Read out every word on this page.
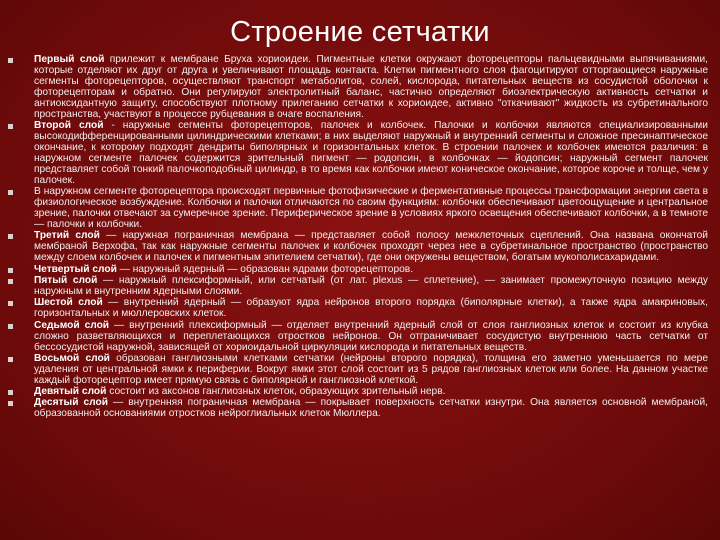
Строение сетчатки
Первый слой прилежит к мембране Бруха хориоидеи. Пигментные клетки окружают фоторецепторы пальцевидными выпячиваниями, которые отделяют их друг от друга и увеличивают площадь контакта. Клетки пигментного слоя фагоцитируют отторгающиеся наружные сегменты фоторецепторов, осуществляют транспорт метаболитов, солей, кислорода, питательных веществ из сосудистой оболочки к фоторецепторам и обратно. Они регулируют электролитный баланс, частично определяют биоэлектрическую активность сетчатки и антиоксидантную защиту, способствуют плотному прилеганию сетчатки к хориоидее, активно "откачивают" жидкость из субретинального пространства, участвуют в процессе рубцевания в очаге воспаления.
Второй слой - наружные сегменты фоторецепторов, палочек и колбочек. Палочки и колбочки являются специализированными высокодифференцированными цилиндрическими клетками; в них выделяют наружный и внутренний сегменты и сложное пресинаптическое окончание, к которому подходят дендриты биполярных и горизонтальных клеток. В строении палочек и колбочек имеются различия: в наружном сегменте палочек содержится зрительный пигмент — родопсин, в колбочках — йодопсин; наружный сегмент палочек представляет собой тонкий палочкоподобный цилиндр, в то время как колбочки имеют коническое окончание, которое короче и толще, чем у палочек.
В наружном сегменте фоторецептора происходят первичные фотофизические и ферментативные процессы трансформации энергии света в физиологическое возбуждение. Колбочки и палочки отличаются по своим функциям: колбочки обеспечивают цветоощущение и центральное зрение, палочки отвечают за сумеречное зрение. Периферическое зрение в условиях яркого освещения обеспечивают колбочки, а в темноте — палочки и колбочки.
Третий слой — наружная пограничная мембрана — представляет собой полосу межклеточных сцеплений. Она названа окончатой мембраной Верхофа, так как наружные сегменты палочек и колбочек проходят через нее в субретинальное пространство (пространство между слоем колбочек и палочек и пигментным эпителием сетчатки), где они окружены веществом, богатым мукополисахаридами.
Четвертый слой — наружный ядерный — образован ядрами фоторецепторов.
Пятый слой — наружный плексиформный, или сетчатый (от лат. plexus — сплетение), — занимает промежуточную позицию между наружным и внутренним ядерными слоями.
Шестой слой — внутренний ядерный — образуют ядра нейронов второго порядка (биполярные клетки), а также ядра амакриновых, горизонтальных и мюллеровских клеток.
Седьмой слой — внутренний плексиформный — отделяет внутренний ядерный слой от слоя ганглиозных клеток и состоит из клубка сложно разветвляющихся и переплетающихся отростков нейронов. Он отграничивает сосудистую внутреннюю часть сетчатки от бессосудистой наружной, зависящей от хориоидальной циркуляции кислорода и питательных веществ.
Восьмой слой образован ганглиозными клетками сетчатки (нейроны второго порядка), толщина его заметно уменьшается по мере удаления от центральной ямки к периферии. Вокруг ямки этот слой состоит из 5 рядов ганглиозных клеток или более. На данном участке каждый фоторецептор имеет прямую связь с биполярной и ганглиозной клеткой.
Девятый слой состоит из аксонов ганглиозных клеток, образующих зрительный нерв.
Десятый слой — внутренняя пограничная мембрана — покрывает поверхность сетчатки изнутри. Она является основной мембраной, образованной основаниями отростков нейроглиальных клеток Мюллера.
